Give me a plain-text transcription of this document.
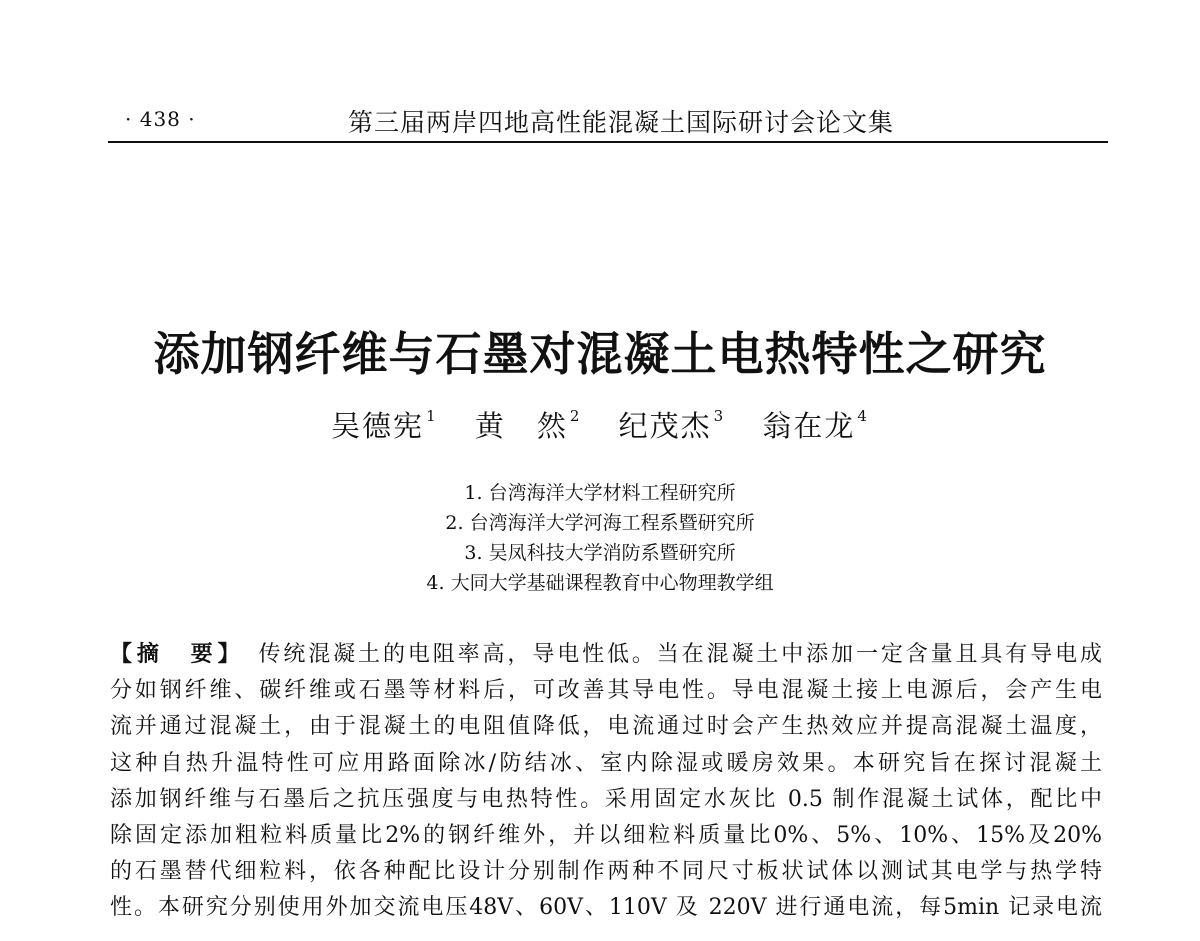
· 438 ·	第三届两岸四地高性能混凝土国际研讨会论文集
添加钢纤维与石墨对混凝土电热特性之研究
吴德宪 $^1$ 黄　然 $^2$ 纪茂杰 $^3$ 翁在龙 $^4$
1. 台湾海洋大学材料工程研究所
2. 台湾海洋大学河海工程系暨研究所
3. 吴凤科技大学消防系暨研究所
4. 大同大学基础课程教育中心物理教学组
【摘　要】 传统混凝土的电阻率高，导电性低。当在混凝土中添加一定含量且具有导电成
分如钢纤维、碳纤维或石墨等材料后，可改善其导电性。导电混凝土接上电源后，会产生电
流并通过混凝土，由于混凝土的电阻值降低，电流通过时会产生热效应并提高混凝土温度，
这种自热升温特性可应用路面除冰/防结冰、室内除湿或暖房效果。本研究旨在探讨混凝土
添加钢纤维与石墨后之抗压强度与电热特性。采用固定水灰比 0.5 制作混凝土试体，配比中
除固定添加粗粒料质量比2%的钢纤维外，并以细粒料质量比0%、5%、10%、15%及20%
的石墨替代细粒料，依各种配比设计分别制作两种不同尺寸板状试体以测试其电学与热学特
性。本研究分别使用外加交流电压48V、60V、110V 及 220V 进行通电流，每5min 记录电流
